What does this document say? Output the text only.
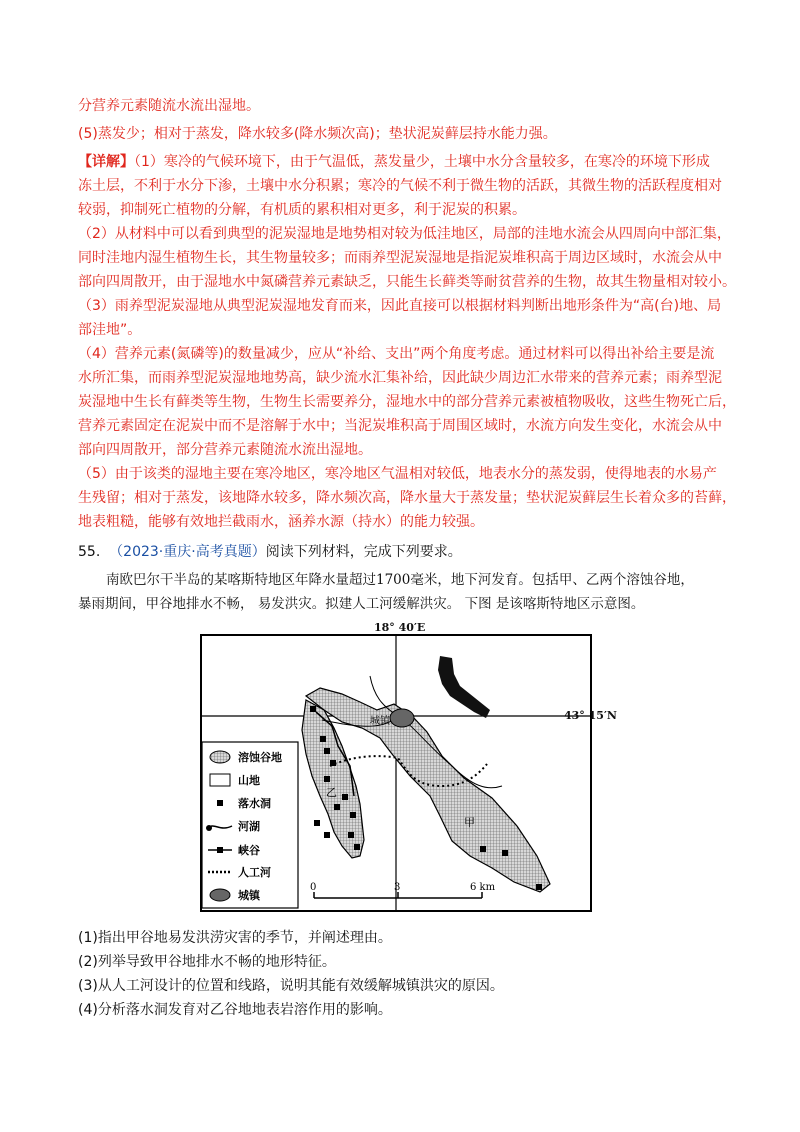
分营养元素随流水流出湿地。
(5)蒸发少；相对于蒸发，降水较多(降水频次高)；垫状泥炭藓层持水能力强。
【详解】（1）寒冷的气候环境下，由于气温低，蒸发量少，土壤中水分含量较多，在寒冷的环境下形成
冻土层，不利于水分下渗，土壤中水分积累；寒冷的气候不利于微生物的活跃，其微生物的活跃程度相对
较弱，抑制死亡植物的分解，有机质的累积相对更多，利于泥炭的积累。
（2）从材料中可以看到典型的泥炭湿地是地势相对较为低洼地区，局部的洼地水流会从四周向中部汇集，
同时洼地内湿生植物生长，其生物量较多；而雨养型泥炭湿地是指泥炭堆积高于周边区域时，水流会从中
部向四周散开，由于湿地水中氮磷营养元素缺乏，只能生长藓类等耐贫营养的生物，故其生物量相对较小。
（3）雨养型泥炭湿地从典型泥炭湿地发育而来，因此直接可以根据材料判断出地形条件为“高(台)地、局
部洼地”。
（4）营养元素(氮磷等)的数量减少，应从“补给、支出”两个角度考虑。通过材料可以得出补给主要是流
水所汇集，而雨养型泥炭湿地地势高，缺少流水汇集补给，因此缺少周边汇水带来的营养元素；雨养型泥
炭湿地中生长有藓类等生物，生物生长需要养分，湿地水中的部分营养元素被植物吸收，这些生物死亡后，
营养元素固定在泥炭中而不是溶解于水中；当泥炭堆积高于周围区域时，水流方向发生变化，水流会从中
部向四周散开，部分营养元素随流水流出湿地。
（5）由于该类的湿地主要在寒冷地区，寒冷地区气温相对较低，地表水分的蒸发弱，使得地表的水易产
生残留；相对于蒸发，该地降水较多，降水频次高，降水量大于蒸发量；垫状泥炭藓层生长着众多的苔藓，
地表粗糙，能够有效地拦截雨水，涵养水源（持水）的能力较强。
55. （2023·重庆·高考真题）阅读下列材料，完成下列要求。
南欧巴尔干半岛的某喀斯特地区年降水量超过1700毫米，地下河发育。包括甲、乙两个溶蚀谷地，
暴雨期间，甲谷地排水不畅， 易发洪灾。拟建人工河缓解洪灾。 下图 是该喀斯特地区示意图。
城镇
甲
乙
溶蚀谷地
山地
落水洞
河湖
峡谷
人工河
城镇
0	3	6 km
18° 40′E
43° 15′N
(1)指出甲谷地易发洪涝灾害的季节，并阐述理由。
(2)列举导致甲谷地排水不畅的地形特征。
(3)从人工河设计的位置和线路，说明其能有效缓解城镇洪灾的原因。
(4)分析落水洞发育对乙谷地地表岩溶作用的影响。
